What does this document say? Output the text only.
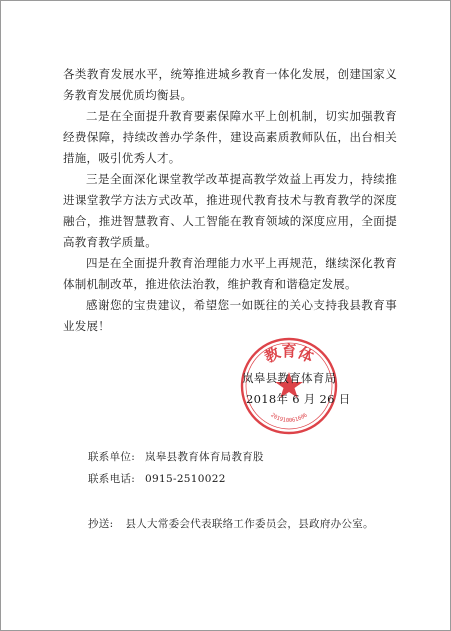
各类教育发展水平，统筹推进城乡教育一体化发展，创建国家义务教育发展优质均衡县。

二是在全面提升教育要素保障水平上创机制，切实加强教育经费保障，持续改善办学条件，建设高素质教师队伍，出台相关措施，吸引优秀人才。

三是全面深化课堂教学改革提高教学效益上再发力，持续推进课堂教学方法方式改革，推进现代教育技术与教育教学的深度融合，推进智慧教育、人工智能在教育领域的深度应用，全面提高教育教学质量。

四是在全面提升教育治理能力水平上再规范，继续深化教育体制机制改革，推进依法治教，维护教育和谐稳定发展。

感谢您的宝贵建议，希望您一如既往的关心支持我县教育事业发展！

教育体
201910061606
岚皋县教育体育局
2018年 6 月 26 日
联系单位: 岚皋县教育体育局教育股
联系电话: 0915-2510022
抄送: 县人大常委会代表联络工作委员会，县政府办公室。
